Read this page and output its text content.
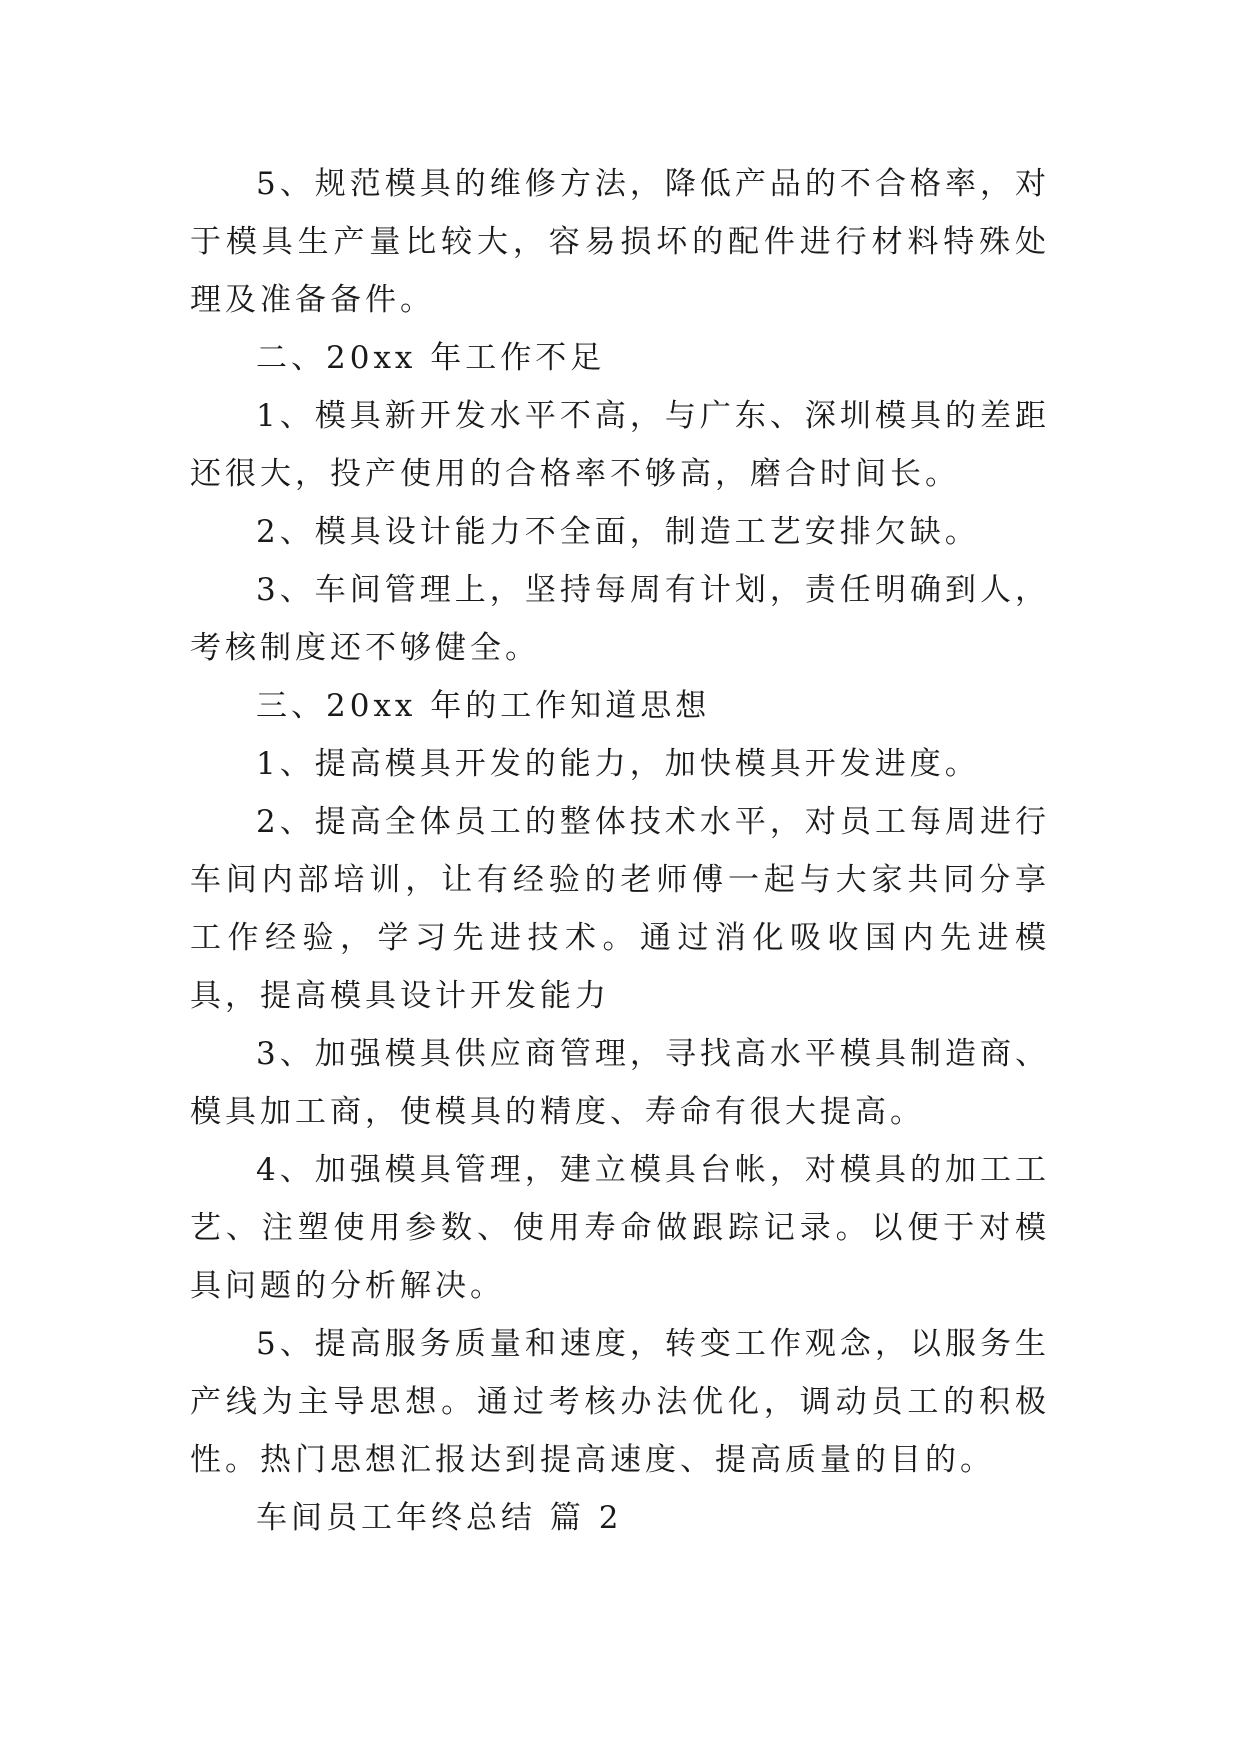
5、规范模具的维修方法，降低产品的不合格率，对于模具生产量比较大，容易损坏的配件进行材料特殊处理及准备备件。

二、20xx 年工作不足

1、模具新开发水平不高，与广东、深圳模具的差距还很大，投产使用的合格率不够高，磨合时间长。

2、模具设计能力不全面，制造工艺安排欠缺。

3、车间管理上，坚持每周有计划，责任明确到人，考核制度还不够健全。

三、20xx 年的工作知道思想

1、提高模具开发的能力，加快模具开发进度。

2、提高全体员工的整体技术水平，对员工每周进行车间内部培训，让有经验的老师傅一起与大家共同分享工作经验，学习先进技术。通过消化吸收国内先进模具，提高模具设计开发能力

3、加强模具供应商管理，寻找高水平模具制造商、模具加工商，使模具的精度、寿命有很大提高。

4、加强模具管理，建立模具台帐，对模具的加工工艺、注塑使用参数、使用寿命做跟踪记录。以便于对模具问题的分析解决。

5、提高服务质量和速度，转变工作观念，以服务生产线为主导思想。通过考核办法优化，调动员工的积极性。热门思想汇报达到提高速度、提高质量的目的。

车间员工年终总结 篇 2
